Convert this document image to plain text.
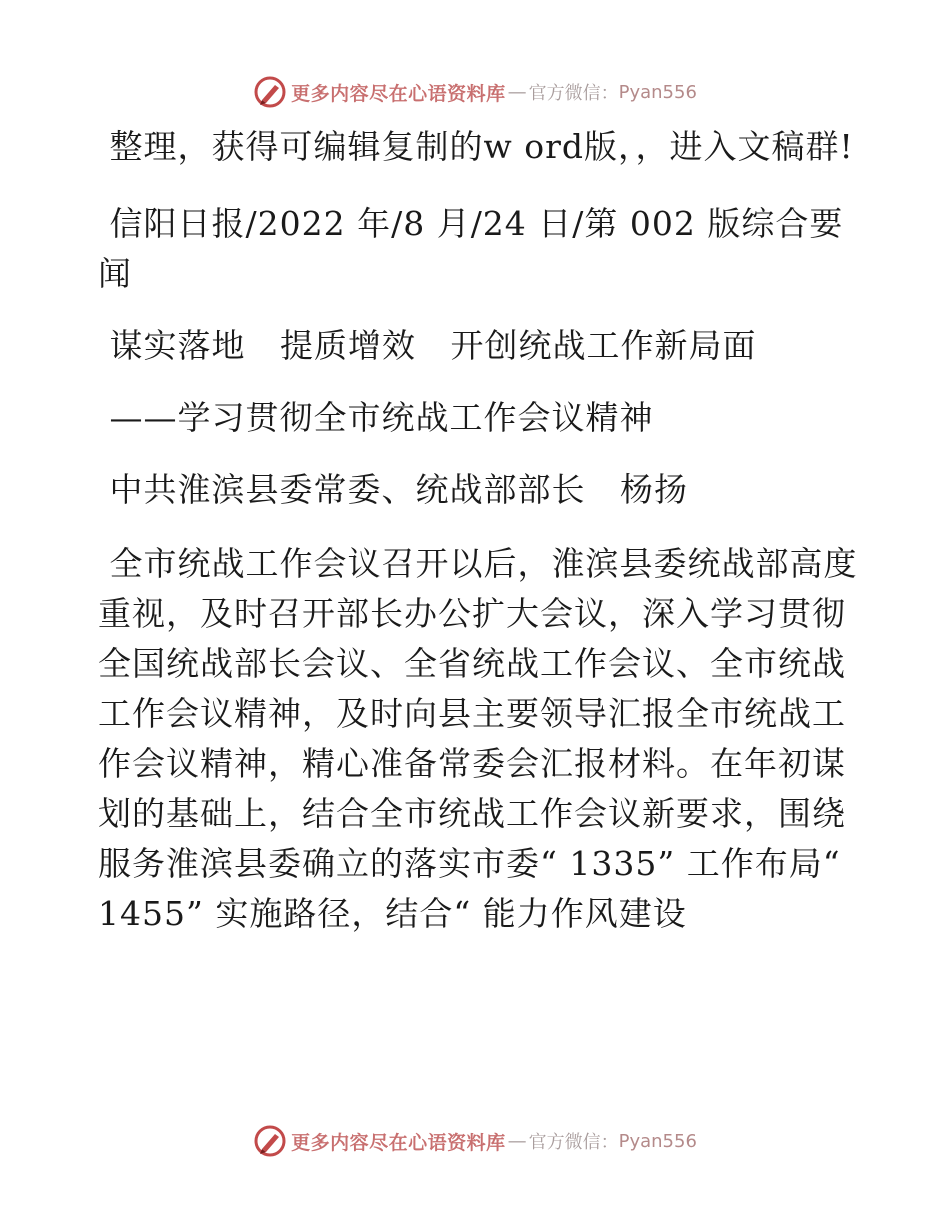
更多内容尽在心语资料库 — 官方微信： Pyan556

整理，获得可编辑复制的w ord版，，进入文稿群!

信阳日报/2022 年/8 月/24 日/第 002 版综合要闻

谋实落地   提质增效   开创统战工作新局面

——学习贯彻全市统战工作会议精神

中共淮滨县委常委、统战部部长   杨扬

全市统战工作会议召开以后，淮滨县委统战部高度重视，及时召开部长办公扩大会议，深入学习贯彻全国统战部长会议、全省统战工作会议、全市统战工作会议精神，及时向县主要领导汇报全市统战工作会议精神，精心准备常委会汇报材料。在年初谋划的基础上，结合全市统战工作会议新要求，围绕服务淮滨县委确立的落实市委“ 1335” 工作布局“ 1455” 实施路径，结合“ 能力作风建设

更多内容尽在心语资料库 — 官方微信： Pyan556
